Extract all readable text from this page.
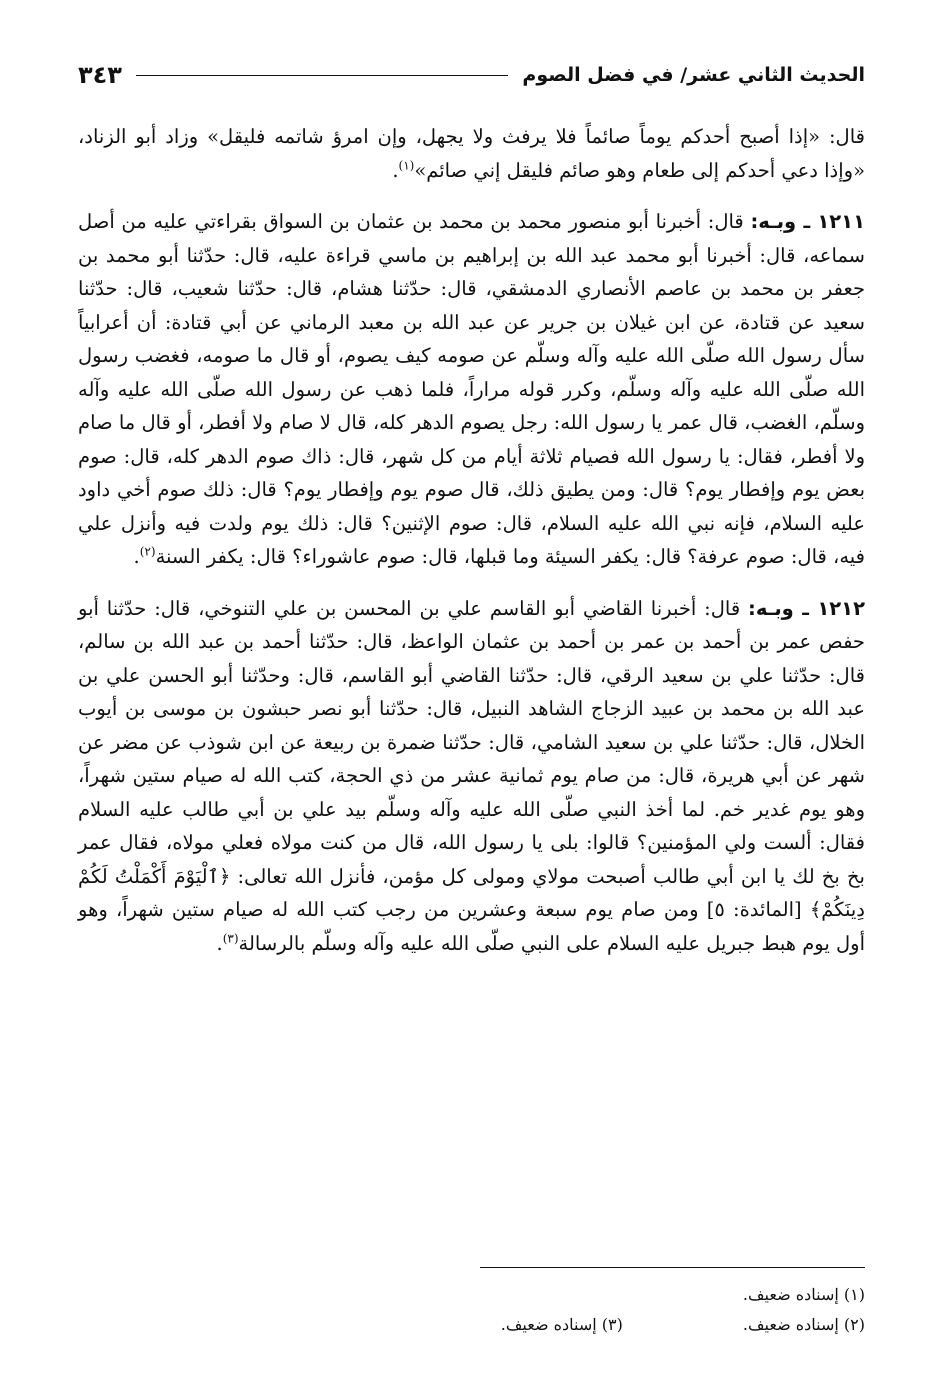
الحديث الثاني عشر/ في فضل الصوم
٣٤٣

قال: «إذا أصبح أحدكم يوماً صائماً فلا يرفث ولا يجهل، وإن امرؤ شاتمه فليقل» وزاد أبو الزناد، «وإذا دعي أحدكم إلى طعام وهو صائم فليقل إني صائم»$^{(١)}$.

١٢١١ ـ وبـه: قال: أخبرنا أبو منصور محمد بن محمد بن عثمان بن السواق بقراءتي عليه من أصل سماعه، قال: أخبرنا أبو محمد عبد الله بن إبراهيم بن ماسي قراءة عليه، قال: حدّثنا أبو محمد بن جعفر بن محمد بن عاصم الأنصاري الدمشقي، قال: حدّثنا هشام، قال: حدّثنا شعيب، قال: حدّثنا سعيد عن قتادة، عن ابن غيلان بن جرير عن عبد الله بن معبد الرماني عن أبي قتادة: أن أعرابياً سأل رسول الله صلّى الله عليه وآله وسلّم عن صومه كيف يصوم، أو قال ما صومه، فغضب رسول الله صلّى الله عليه وآله وسلّم، وكرر قوله مراراً، فلما ذهب عن رسول الله صلّى الله عليه وآله وسلّم، الغضب، قال عمر يا رسول الله: رجل يصوم الدهر كله، قال لا صام ولا أفطر، أو قال ما صام ولا أفطر، فقال: يا رسول الله فصيام ثلاثة أيام من كل شهر، قال: ذاك صوم الدهر كله، قال: صوم بعض يوم وإفطار يوم؟ قال: ومن يطيق ذلك، قال صوم يوم وإفطار يوم؟ قال: ذلك صوم أخي داود عليه السلام، فإنه نبي الله عليه السلام، قال: صوم الإثنين؟ قال: ذلك يوم ولدت فيه وأنزل علي فيه، قال: صوم عرفة؟ قال: يكفر السيئة وما قبلها، قال: صوم عاشوراء؟ قال: يكفر السنة$^{(٢)}$.

١٢١٢ ـ وبـه: قال: أخبرنا القاضي أبو القاسم علي بن المحسن بن علي التنوخي، قال: حدّثنا أبو حفص عمر بن أحمد بن عمر بن أحمد بن عثمان الواعظ، قال: حدّثنا أحمد بن عبد الله بن سالم، قال: حدّثنا علي بن سعيد الرقي، قال: حدّثنا القاضي أبو القاسم، قال: وحدّثنا أبو الحسن علي بن عبد الله بن محمد بن عبيد الزجاج الشاهد النبيل، قال: حدّثنا أبو نصر حبشون بن موسى بن أيوب الخلال، قال: حدّثنا علي بن سعيد الشامي، قال: حدّثنا ضمرة بن ربيعة عن ابن شوذب عن مضر عن شهر عن أبي هريرة، قال: من صام يوم ثمانية عشر من ذي الحجة، كتب الله له صيام ستين شهراً، وهو يوم غدير خم. لما أخذ النبي صلّى الله عليه وآله وسلّم بيد علي بن أبي طالب عليه السلام فقال: ألست ولي المؤمنين؟ قالوا: بلى يا رسول الله، قال من كنت مولاه فعلي مولاه، فقال عمر بخ بخ لك يا ابن أبي طالب أصبحت مولاي ومولى كل مؤمن، فأنزل الله تعالى: ﴿ٱلْيَوْمَ أَكْمَلْتُ لَكُمْ دِينَكُمْ﴾ [المائدة: ٥] ومن صام يوم سبعة وعشرين من رجب كتب الله له صيام ستين شهراً، وهو أول يوم هبط جبريل عليه السلام على النبي صلّى الله عليه وآله وسلّم بالرسالة$^{(٣)}$.

(١) إسناده ضعيف.
(٢) إسناده ضعيف.
(٣) إسناده ضعيف.
